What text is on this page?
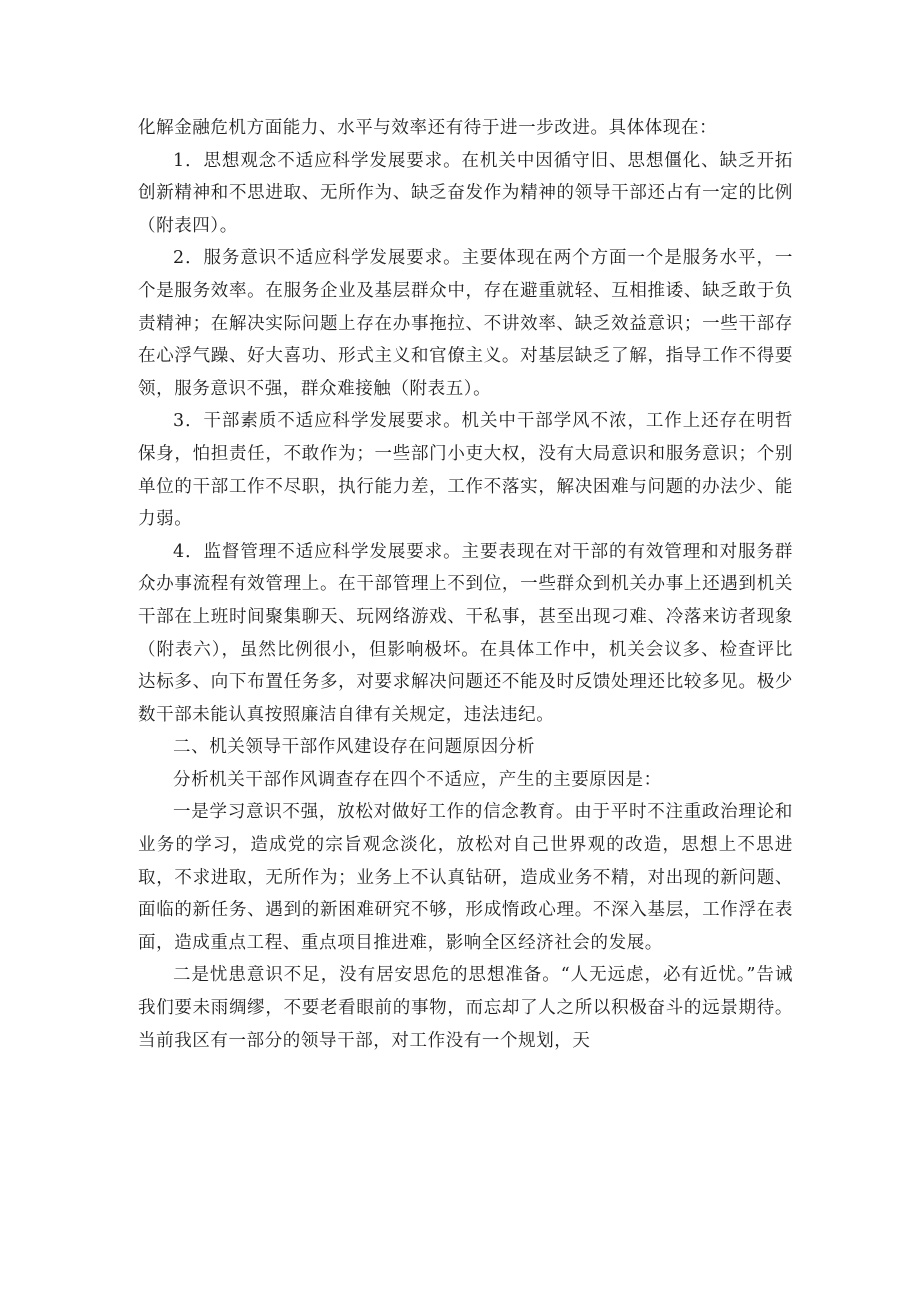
化解金融危机方面能力、水平与效率还有待于进一步改进。具体体现在：

1．思想观念不适应科学发展要求。在机关中因循守旧、思想僵化、缺乏开拓创新精神和不思进取、无所作为、缺乏奋发作为精神的领导干部还占有一定的比例（附表四）。

2．服务意识不适应科学发展要求。主要体现在两个方面一个是服务水平，一个是服务效率。在服务企业及基层群众中，存在避重就轻、互相推诿、缺乏敢于负责精神；在解决实际问题上存在办事拖拉、不讲效率、缺乏效益意识；一些干部存在心浮气躁、好大喜功、形式主义和官僚主义。对基层缺乏了解，指导工作不得要领，服务意识不强，群众难接触（附表五）。

3．干部素质不适应科学发展要求。机关中干部学风不浓，工作上还存在明哲保身，怕担责任，不敢作为；一些部门小吏大权，没有大局意识和服务意识；个别单位的干部工作不尽职，执行能力差，工作不落实，解决困难与问题的办法少、能力弱。

4．监督管理不适应科学发展要求。主要表现在对干部的有效管理和对服务群众办事流程有效管理上。在干部管理上不到位，一些群众到机关办事上还遇到机关干部在上班时间聚集聊天、玩网络游戏、干私事，甚至出现刁难、冷落来访者现象（附表六），虽然比例很小，但影响极坏。在具体工作中，机关会议多、检查评比达标多、向下布置任务多，对要求解决问题还不能及时反馈处理还比较多见。极少数干部未能认真按照廉洁自律有关规定，违法违纪。

二、机关领导干部作风建设存在问题原因分析

分析机关干部作风调查存在四个不适应，产生的主要原因是：

一是学习意识不强，放松对做好工作的信念教育。由于平时不注重政治理论和业务的学习，造成党的宗旨观念淡化，放松对自己世界观的改造，思想上不思进取，不求进取，无所作为；业务上不认真钻研，造成业务不精，对出现的新问题、面临的新任务、遇到的新困难研究不够，形成惰政心理。不深入基层，工作浮在表面，造成重点工程、重点项目推进难，影响全区经济社会的发展。

二是忧患意识不足，没有居安思危的思想准备。“人无远虑，必有近忧。”告诫我们要未雨绸缪，不要老看眼前的事物，而忘却了人之所以积极奋斗的远景期待。当前我区有一部分的领导干部，对工作没有一个规划，天
